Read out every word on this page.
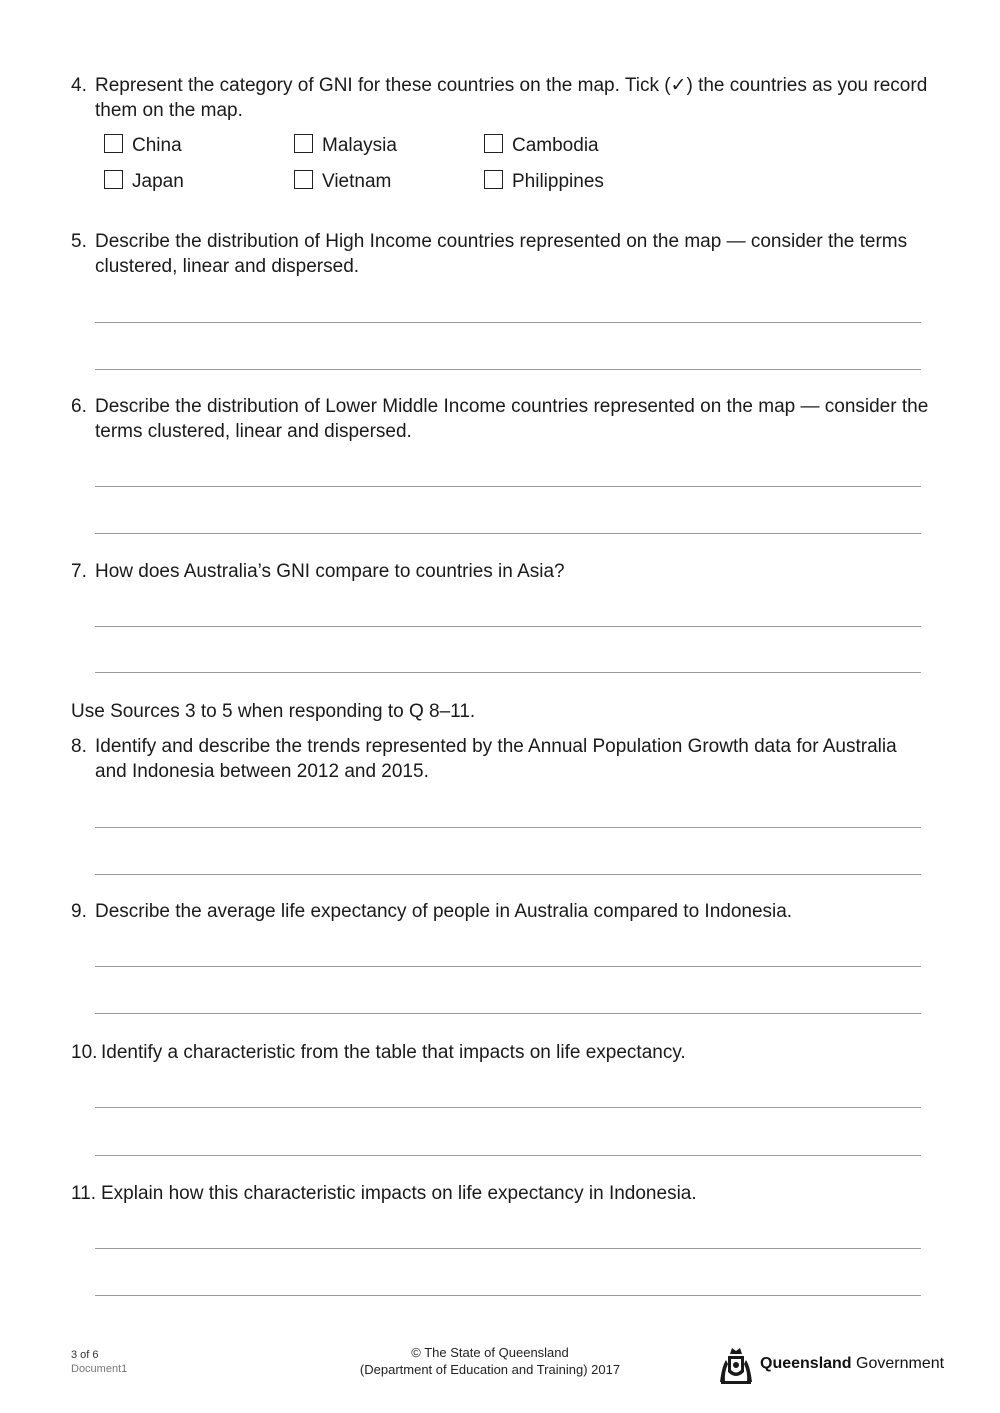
4. Represent the category of GNI for these countries on the map. Tick (✓) the countries as you record them on the map.
China	Malaysia	Cambodia
Japan	Vietnam	Philippines
5. Describe the distribution of High Income countries represented on the map — consider the terms clustered, linear and dispersed.
6. Describe the distribution of Lower Middle Income countries represented on the map — consider the terms clustered, linear and dispersed.
7. How does Australia’s GNI compare to countries in Asia?
Use Sources 3 to 5 when responding to Q 8–11.
8. Identify and describe the trends represented by the Annual Population Growth data for Australia and Indonesia between 2012 and 2015.
9. Describe the average life expectancy of people in Australia compared to Indonesia.
10. Identify a characteristic from the table that impacts on life expectancy.
11. Explain how this characteristic impacts on life expectancy in Indonesia.
3 of 6
Document1
© The State of Queensland
(Department of Education and Training) 2017	Queensland Government
